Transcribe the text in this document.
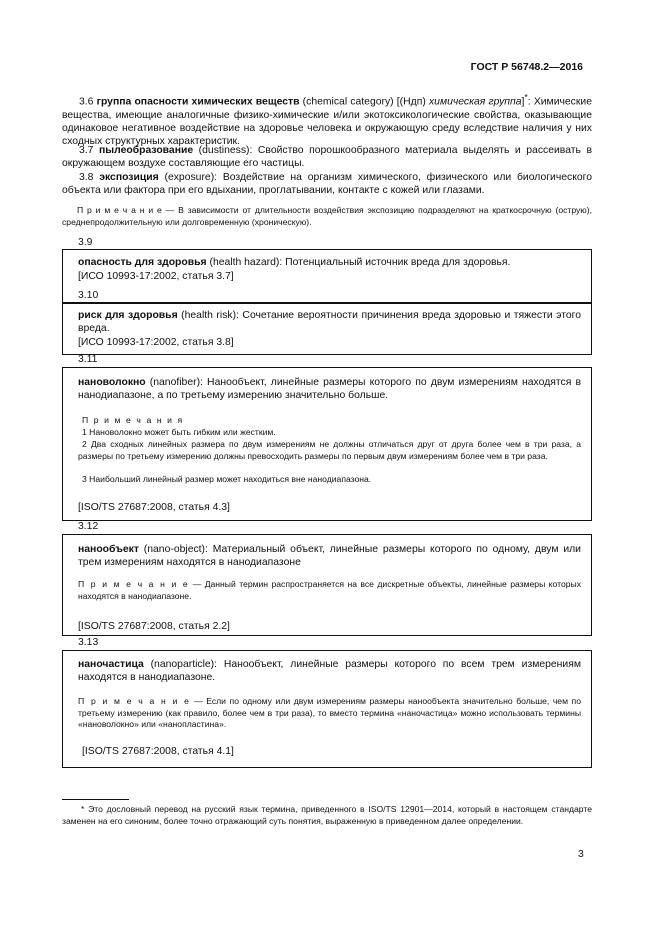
ГОСТ Р 56748.2—2016
3.6 группа опасности химических веществ (chemical category) [(Ндп) химическая группа]*: Химические вещества, имеющие аналогичные физико-химические и/или экотоксикологические свойства, оказывающие одинаковое негативное воздействие на здоровье человека и окружающую среду вследствие наличия у них сходных структурных характеристик.
3.7 пылеобразование (dustiness): Свойство порошкообразного материала выделять и рассеивать в окружающем воздухе составляющие его частицы.
3.8 экспозиция (exposure): Воздействие на организм химического, физического или биологического объекта или фактора при его вдыхании, проглатывании, контакте с кожей или глазами.
П р и м е ч а н и е — В зависимости от длительности воздействия экспозицию подразделяют на краткосрочную (острую), среднепродолжительную или долговременную (хроническую).
3.9
опасность для здоровья (health hazard): Потенциальный источник вреда для здоровья.
[ИСО 10993-17:2002, статья 3.7]
3.10
риск для здоровья (health risk): Сочетание вероятности причинения вреда здоровью и тяжести этого вреда.
[ИСО 10993-17:2002, статья 3.8]
3.11
нановолокно (nanofiber): Нанообъект, линейные размеры которого по двум измерениям находятся в нанодиапазоне, а по третьему измерению значительно больше.
П р и м е ч а н и я
1 Нановолокно может быть гибким или жестким.
2 Два сходных линейных размера по двум измерениям не должны отличаться друг от друга более чем в три раза, а размеры по третьему измерению должны превосходить размеры по первым двум измерениям более чем в три раза.
3 Наибольший линейный размер может находиться вне нанодиапазона.
[ISO/TS 27687:2008, статья 4.3]
3.12
нанообъект (nano-object): Материальный объект, линейные размеры которого по одному, двум или трем измерениям находятся в нанодиапазоне
П р и м е ч а н и е — Данный термин распространяется на все дискретные объекты, линейные размеры которых находятся в нанодиапазоне.
[ISO/TS 27687:2008, статья 2.2]
3.13
наночастица (nanoparticle): Нанообъект, линейные размеры которого по всем трем измерениям находятся в нанодиапазоне.
П р и м е ч а н и е — Если по одному или двум измерениям размеры нанообъекта значительно больше, чем по третьему измерению (как правило, более чем в три раза), то вместо термина «наночастица» можно использовать термины «нановолокно» или «нанопластина».
[ISO/TS 27687:2008, статья 4.1]
* Это дословный перевод на русский язык термина, приведенного в ISO/TS 12901—2014, который в настоящем стандарте заменен на его синоним, более точно отражающий суть понятия, выраженную в приведенном далее определении.
3
